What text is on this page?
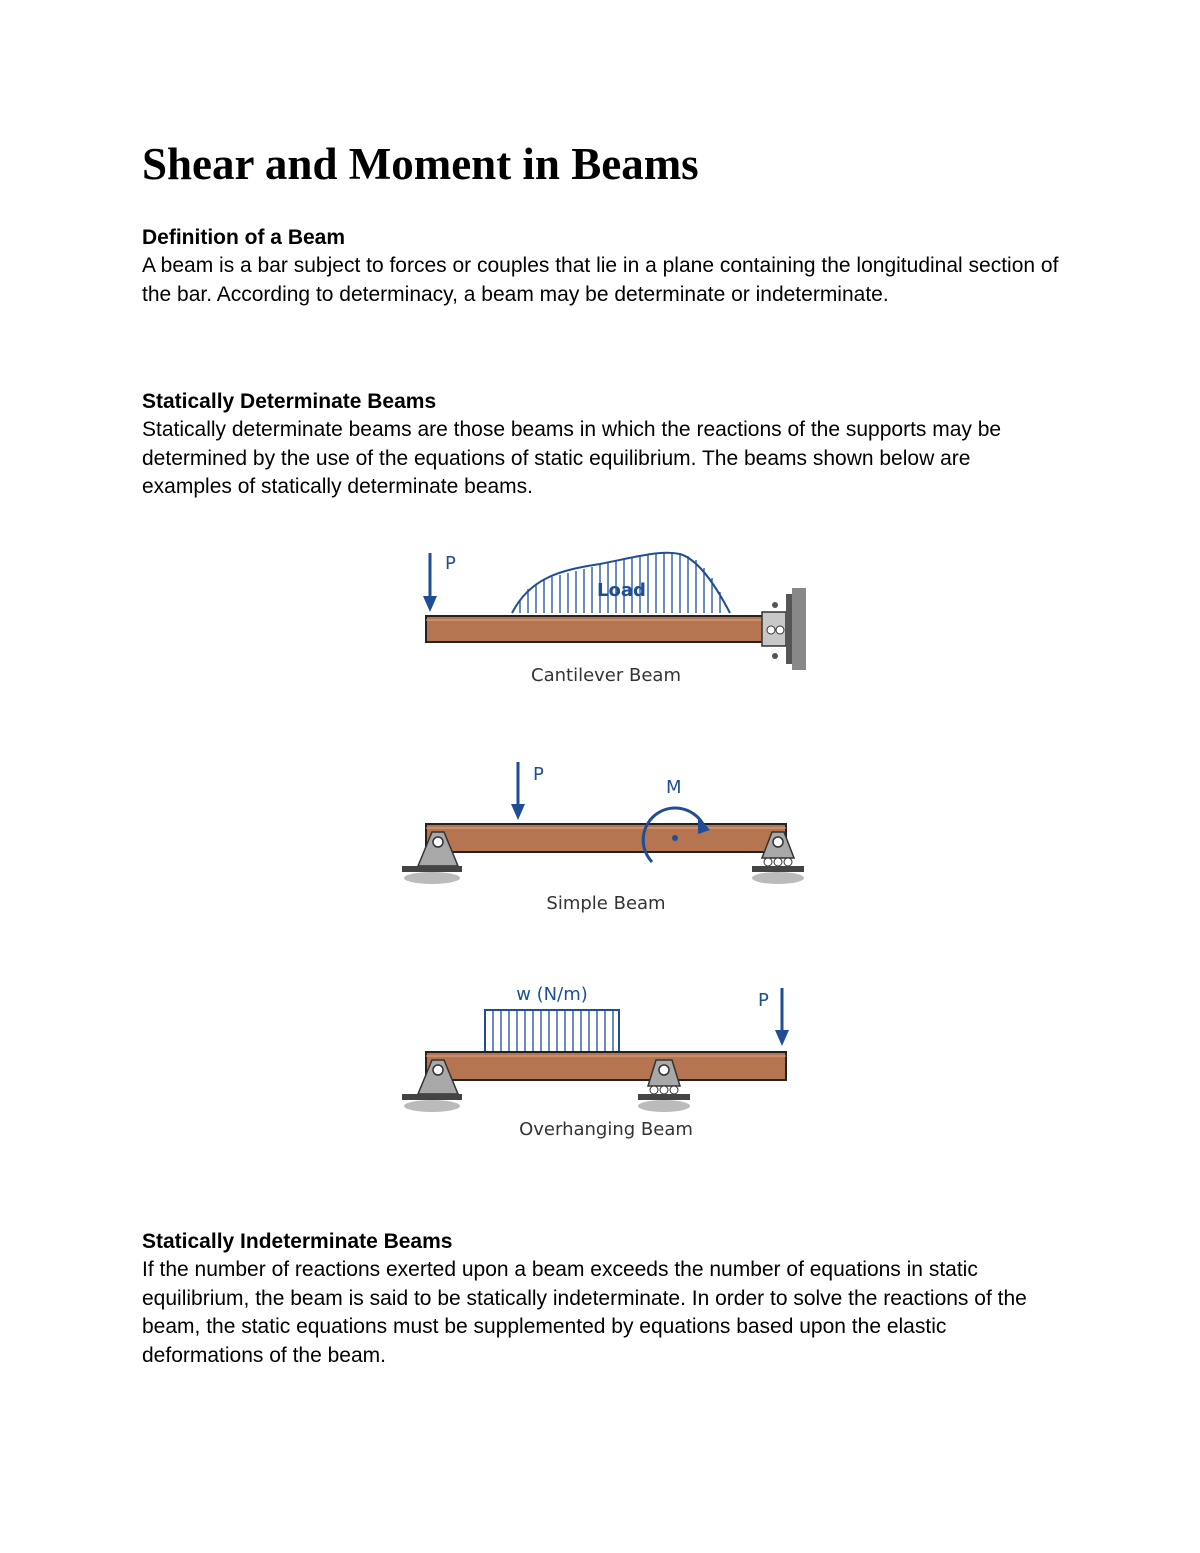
Shear and Moment in Beams

Definition of a Beam

A beam is a bar subject to forces or couples that lie in a plane containing the longitudinal section of the bar. According to determinacy, a beam may be determinate or indeterminate.

Statically Determinate Beams

Statically determinate beams are those beams in which the reactions of the supports may be determined by the use of the equations of static equilibrium. The beams shown below are examples of statically determinate beams.

P
Load
Cantilever Beam
P
M
Simple Beam
w (N/m)	P
Overhanging Beam

Statically Indeterminate Beams

If the number of reactions exerted upon a beam exceeds the number of equations in static equilibrium, the beam is said to be statically indeterminate. In order to solve the reactions of the beam, the static equations must be supplemented by equations based upon the elastic deformations of the beam.
